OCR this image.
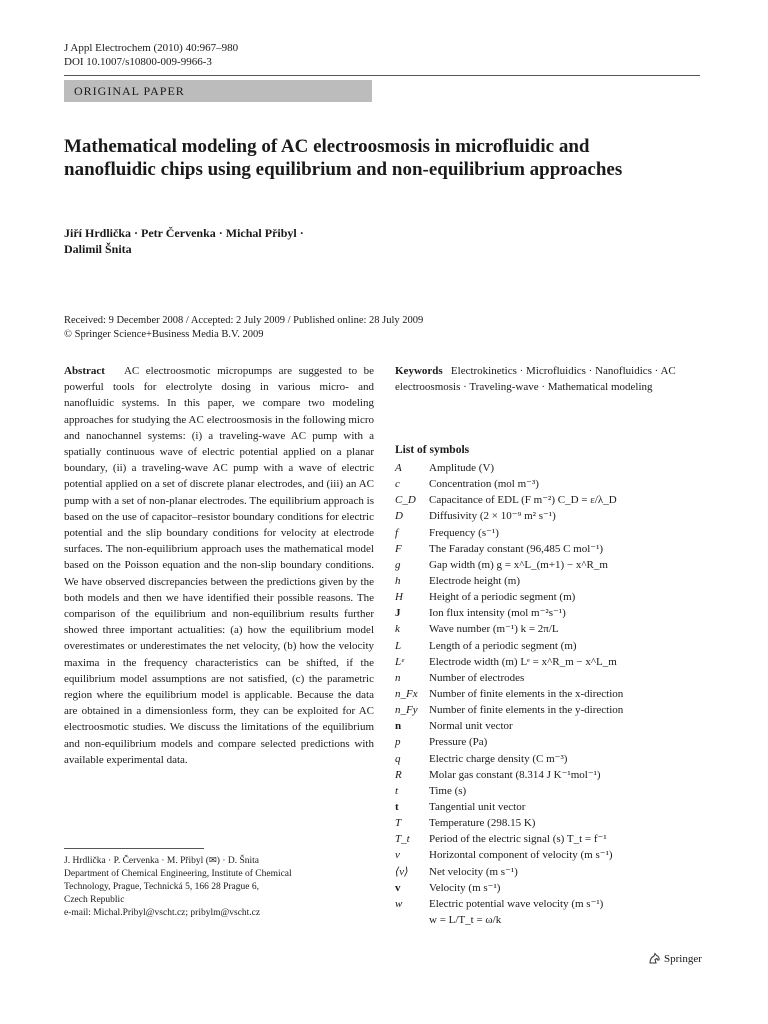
J Appl Electrochem (2010) 40:967–980
DOI 10.1007/s10800-009-9966-3
ORIGINAL PAPER
Mathematical modeling of AC electroosmosis in microfluidic and nanofluidic chips using equilibrium and non-equilibrium approaches
Jiří Hrdlička · Petr Červenka · Michal Přibyl ·
Dalimil Šnita
Received: 9 December 2008 / Accepted: 2 July 2009 / Published online: 28 July 2009
© Springer Science+Business Media B.V. 2009

Abstract AC electroosmotic micropumps are suggested to be powerful tools for electrolyte dosing in various micro- and nanofluidic systems. In this paper, we compare two modeling approaches for studying the AC electroosmosis in the following micro and nanochannel systems: (i) a traveling-wave AC pump with a spatially continuous wave of electric potential applied on a planar boundary, (ii) a traveling-wave AC pump with a wave of electric potential applied on a set of discrete planar electrodes, and (iii) an AC pump with a set of non-planar electrodes. The equilibrium approach is based on the use of capacitor–resistor boundary conditions for electric potential and the slip boundary conditions for velocity at electrode surfaces. The non-equilibrium approach uses the mathematical model based on the Poisson equation and the non-slip boundary conditions. We have observed discrepancies between the predictions given by the both models and then we have identified their possible reasons. The comparison of the equilibrium and non-equilibrium results further showed three important actualities: (a) how the equilibrium model overestimates or underestimates the net velocity, (b) how the velocity maxima in the frequency characteristics can be shifted, if the equilibrium model assumptions are not satisfied, (c) the parametric region where the equilibrium model is applicable. Because the data are obtained in a dimensionless form, they can be exploited for AC electroosmotic studies. We discuss the limitations of the equilibrium and non-equilibrium models and compare selected predictions with available experimental data.

J. Hrdlička · P. Červenka · M. Přibyl (✉) · D. Šnita
Department of Chemical Engineering, Institute of Chemical
Technology, Prague, Technická 5, 166 28 Prague 6,
Czech Republic
e-mail: Michal.Pribyl@vscht.cz; pribylm@vscht.cz

Keywords Electrokinetics · Microfluidics · Nanofluidics · AC electroosmosis · Traveling-wave · Mathematical modeling

List of symbols
A	Amplitude (V)
c	Concentration (mol m⁻³)
C_D	Capacitance of EDL (F m⁻²) C_D = ε/λ_D
D	Diffusivity (2 × 10⁻⁹ m² s⁻¹)
f	Frequency (s⁻¹)
F	The Faraday constant (96,485 C mol⁻¹)
g	Gap width (m) g = x^L_(m+1) − x^R_m
h	Electrode height (m)
H	Height of a periodic segment (m)
J	Ion flux intensity (mol m⁻²s⁻¹)
k	Wave number (m⁻¹) k = 2π/L
L	Length of a periodic segment (m)
Lᵉ	Electrode width (m) Lᵉ = x^R_m − x^L_m
n	Number of electrodes
n_Fx	Number of finite elements in the x-direction
n_Fy	Number of finite elements in the y-direction
n	Normal unit vector
p	Pressure (Pa)
q	Electric charge density (C m⁻³)
R	Molar gas constant (8.314 J K⁻¹mol⁻¹)
t	Time (s)
t	Tangential unit vector
T	Temperature (298.15 K)
T_t	Period of the electric signal (s) T_t = f⁻¹
v	Horizontal component of velocity (m s⁻¹)
⟨v⟩	Net velocity (m s⁻¹)
v	Velocity (m s⁻¹)
w	Electric potential wave velocity (m s⁻¹)
w = L/T_t = ω/k
Springer
